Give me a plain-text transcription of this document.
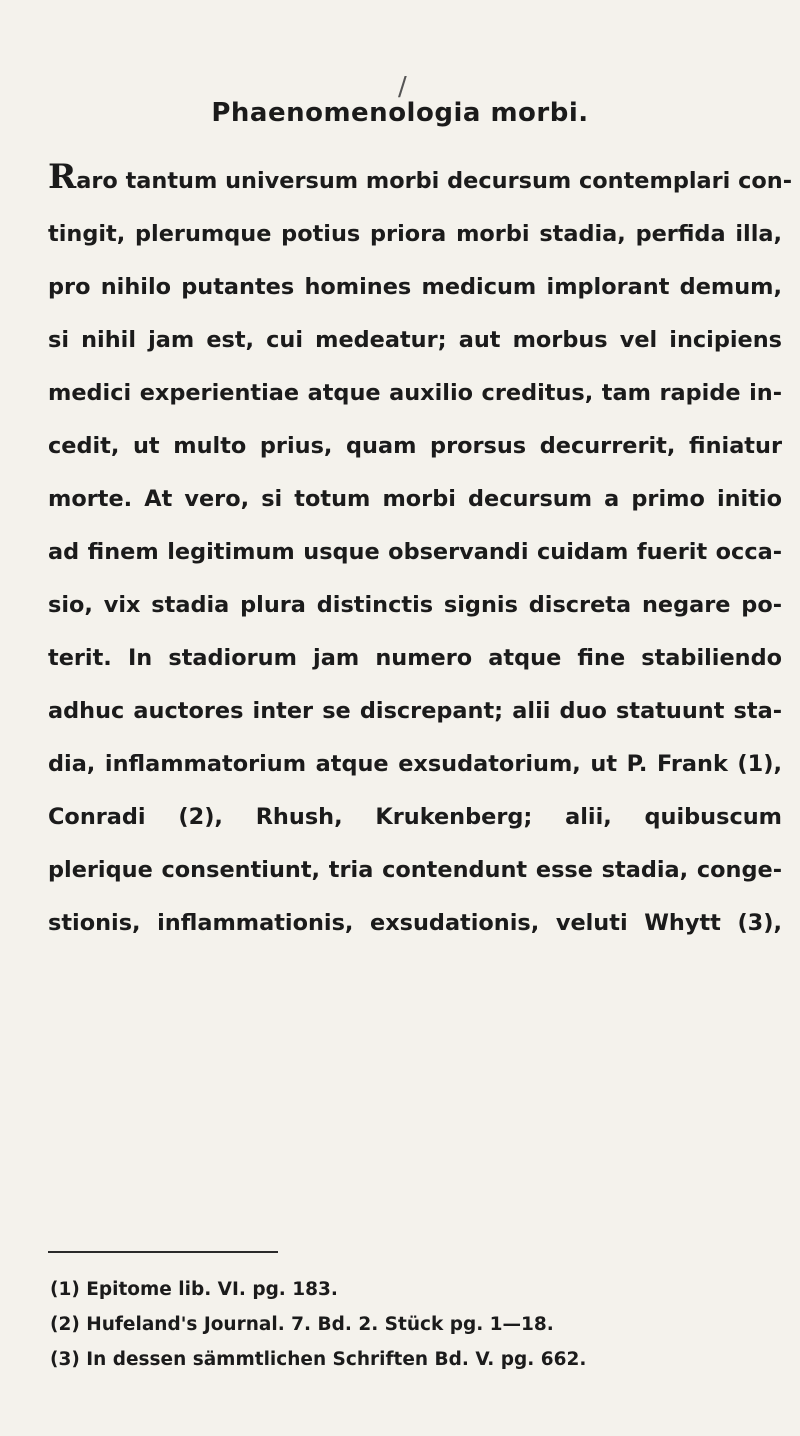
/
Phaenomenologia morbi.
Raro tantum universum morbi decursum contemplari con-
tingit, plerumque potius priora morbi stadia, perfida illa,
pro nihilo putantes homines medicum implorant demum,
si nihil jam est, cui medeatur; aut morbus vel incipiens
medici experientiae atque auxilio creditus, tam rapide in-
cedit, ut multo prius, quam prorsus decurrerit, finiatur
morte. At vero, si totum morbi decursum a primo initio
ad finem legitimum usque observandi cuidam fuerit occa-
sio, vix stadia plura distinctis signis discreta negare po-
terit. In stadiorum jam numero atque fine stabiliendo
adhuc auctores inter se discrepant; alii duo statuunt sta-
dia, inflammatorium atque exsudatorium, ut P. Frank (1),
Conradi (2), Rhush, Krukenberg; alii, quibuscum
plerique consentiunt, tria contendunt esse stadia, conge-
stionis, inflammationis, exsudationis, veluti Whytt (3),
(1) Epitome lib. VI. pg. 183.
(2) Hufeland's Journal. 7. Bd. 2. Stück pg. 1—18.
(3) In dessen sämmtlichen Schriften Bd. V. pg. 662.
